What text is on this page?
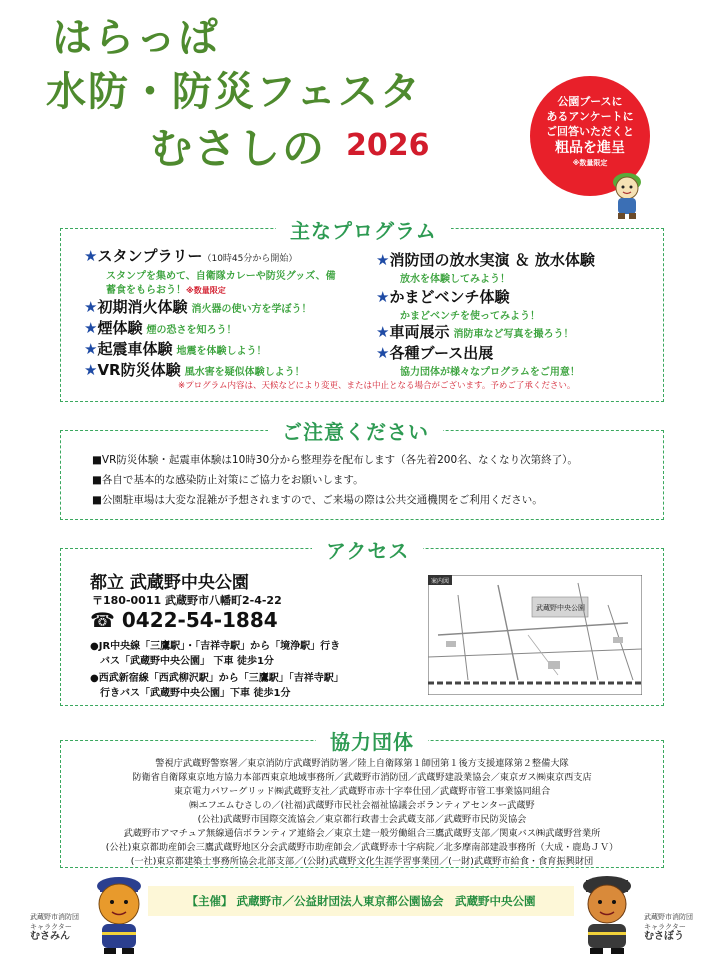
はらっぱ
水防・防災フェスタ
むさしの 2026
公園ブースに
あるアンケートに
ご回答いただくと
粗品を進呈
※数量限定
主なプログラム
★スタンプラリー（10時45分から開始）
スタンプを集めて、自衛隊カレーや防災グッズ、備
蓄食をもらおう！※数量限定
★初期消火体験 消火器の使い方を学ぼう！
★煙体験 煙の恐さを知ろう！
★起震車体験 地震を体験しよう！
★VR防災体験 風水害を疑似体験しよう！
★消防団の放水実演 ＆ 放水体験
放水を体験してみよう！
★かまどベンチ体験
かまどベンチを使ってみよう！
★車両展示 消防車など写真を撮ろう！
★各種ブース出展
協力団体が様々なプログラムをご用意！
※プログラム内容は、天候などにより変更、または中止となる場合がございます。予めご了承ください。
ご注意ください
■VR防災体験・起震車体験は10時30分から整理券を配布します（各先着200名、なくなり次第終了）。
■各自で基本的な感染防止対策にご協力をお願いします。
■公園駐車場は大変な混雑が予想されますので、ご来場の際は公共交通機関をご利用ください。
アクセス
都立 武蔵野中央公園
〒180-0011 武蔵野市八幡町2-4-22
☎ 0422-54-1884
●JR中央線「三鷹駅」・「吉祥寺駅」から「境浄駅」行き
　バス「武蔵野中央公園」 下車 徒歩1分
●西武新宿線「西武柳沢駅」から「三鷹駅」「吉祥寺駅」
　行きバス「武蔵野中央公園」下車 徒歩1分
案内図
武蔵野中央公園
協力団体
警視庁武蔵野警察署／東京消防庁武蔵野消防署／陸上自衛隊第１師団第１後方支援連隊第２整備大隊
防衛省自衛隊東京地方協力本部西東京地域事務所／武蔵野市消防団／武蔵野建設業協会／東京ガス㈱東京西支店
東京電力パワーグリッド㈱武蔵野支社／武蔵野市赤十字奉仕団／武蔵野市管工事業協同組合
㈱エフエムむさしの／(社福)武蔵野市民社会福祉協議会ボランティアセンター武蔵野
(公社)武蔵野市国際交流協会／東京都行政書士会武蔵支部／武蔵野市民防災協会
武蔵野市アマチュア無線通信ボランティア連絡会／東京土建一般労働組合三鷹武蔵野支部／関東バス㈱武蔵野営業所
(公社)東京都助産師会三鷹武蔵野地区分会武蔵野市助産師会／武蔵野赤十字病院／北多摩南部建設事務所（大成・鹿島ＪＶ）
(一社)東京都建築士事務所協会北部支部／(公財)武蔵野文化生涯学習事業団／(一財)武蔵野市給食・食育振興財団
【主催】 武蔵野市／公益財団法人東京都公園協会　武蔵野中央公園
武蔵野市消防団
キャラクター
むさみん
武蔵野市消防団
キャラクター
むさぼう
